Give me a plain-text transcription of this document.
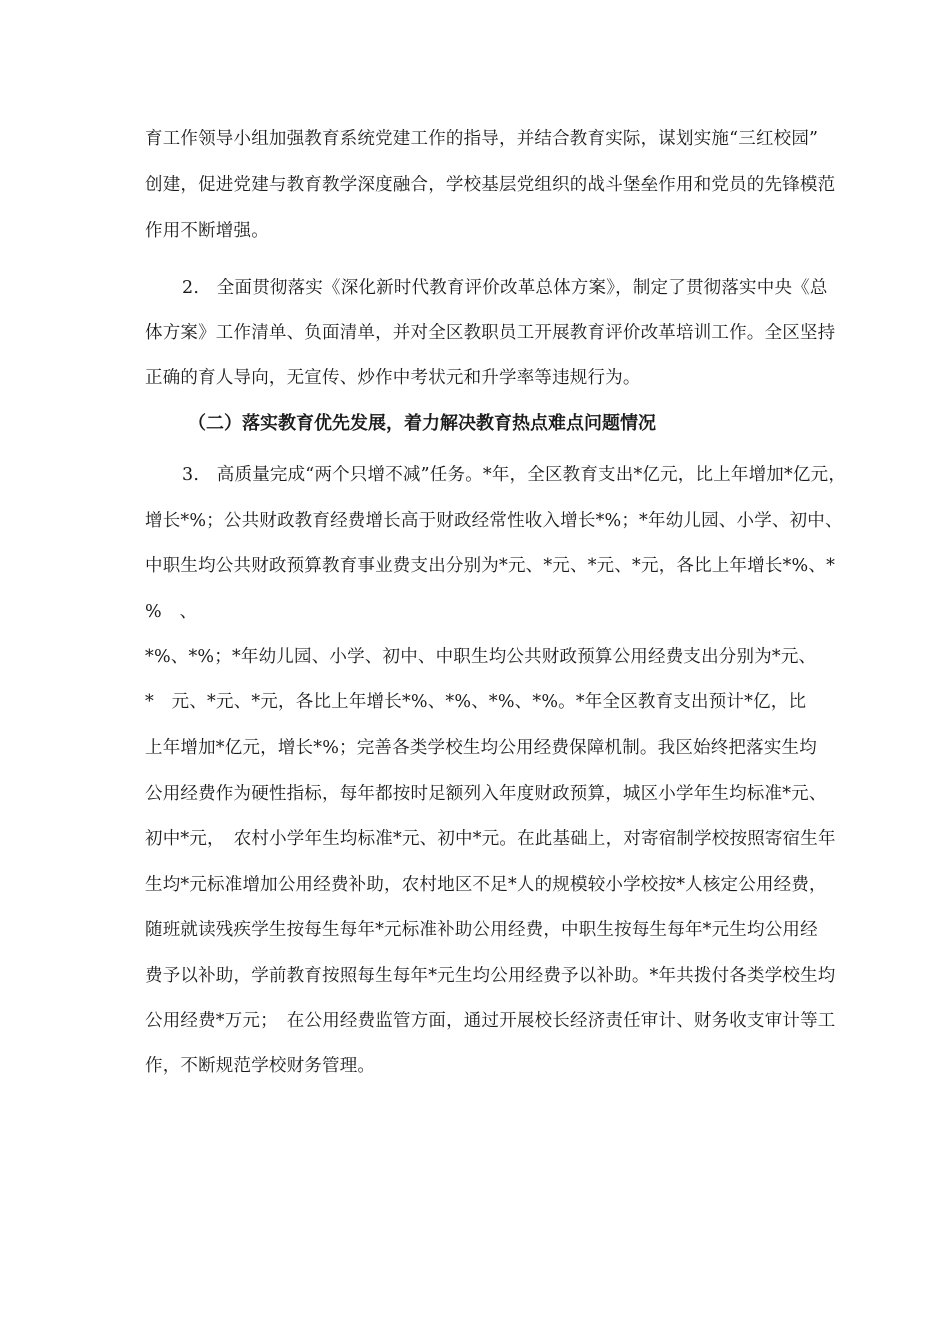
育工作领导小组加强教育系统党建工作的指导，并结合教育实际，谋划实施“三红校园”
创建，促进党建与教育教学深度融合，学校基层党组织的战斗堡垒作用和党员的先锋模范
作用不断增强。
2.　全面贯彻落实《深化新时代教育评价改革总体方案》，制定了贯彻落实中央《总
体方案》工作清单、负面清单，并对全区教职员工开展教育评价改革培训工作。全区坚持
正确的育人导向，无宣传、炒作中考状元和升学率等违规行为。
（二）落实教育优先发展，着力解决教育热点难点问题情况
3.　高质量完成“两个只增不减”任务。*年，全区教育支出*亿元，比上年增加*亿元，
增长*%；公共财政教育经费增长高于财政经常性收入增长*%；*年幼儿园、小学、初中、
中职生均公共财政预算教育事业费支出分别为*元、*元、*元、*元，各比上年增长*%、*
%　、
*%、*%；*年幼儿园、小学、初中、中职生均公共财政预算公用经费支出分别为*元、
*　元、*元、*元，各比上年增长*%、*%、*%、*%。*年全区教育支出预计*亿，比
上年增加*亿元，增长*%；完善各类学校生均公用经费保障机制。我区始终把落实生均
公用经费作为硬性指标，每年都按时足额列入年度财政预算，城区小学年生均标准*元、
初中*元，　农村小学年生均标准*元、初中*元。在此基础上，对寄宿制学校按照寄宿生年
生均*元标准增加公用经费补助，农村地区不足*人的规模较小学校按*人核定公用经费，
随班就读残疾学生按每生每年*元标准补助公用经费，中职生按每生每年*元生均公用经
费予以补助，学前教育按照每生每年*元生均公用经费予以补助。*年共拨付各类学校生均
公用经费*万元；　在公用经费监管方面，通过开展校长经济责任审计、财务收支审计等工
作，不断规范学校财务管理。
